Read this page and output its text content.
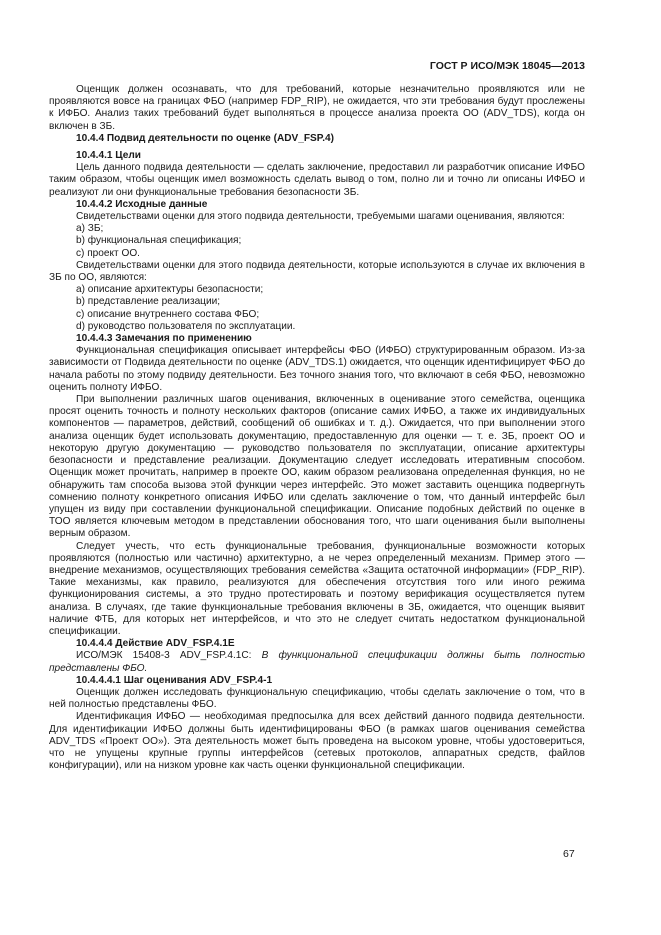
ГОСТ Р ИСО/МЭК 18045—2013

Оценщик должен осознавать, что для требований, которые незначительно проявляются или не проявляются вовсе на границах ФБО (например FDP_RIP), не ожидается, что эти требования будут прослежены к ИФБО. Анализ таких требований будет выполняться в процессе анализа проекта ОО (ADV_TDS), когда он включен в ЗБ.

10.4.4 Подвид деятельности по оценке (ADV_FSP.4)

10.4.4.1 Цели

Цель данного подвида деятельности — сделать заключение, предоставил ли разработчик описание ИФБО таким образом, чтобы оценщик имел возможность сделать вывод о том, полно ли и точно ли описаны ИФБО и реализуют ли они функциональные требования безопасности ЗБ.

10.4.4.2 Исходные данные

Свидетельствами оценки для этого подвида деятельности, требуемыми шагами оценивания, являются:

a) ЗБ;

b) функциональная спецификация;

c) проект ОО.

Свидетельствами оценки для этого подвида деятельности, которые используются в случае их включения в ЗБ по ОО, являются:

a) описание архитектуры безопасности;

b) представление реализации;

c) описание внутреннего состава ФБО;

d) руководство пользователя по эксплуатации.

10.4.4.3 Замечания по применению

Функциональная спецификация описывает интерфейсы ФБО (ИФБО) структурированным образом. Из-за зависимости от Подвида деятельности по оценке (ADV_TDS.1) ожидается, что оценщик идентифицирует ФБО до начала работы по этому подвиду деятельности. Без точного знания того, что включают в себя ФБО, невозможно оценить полноту ИФБО.

При выполнении различных шагов оценивания, включенных в оценивание этого семейства, оценщика просят оценить точность и полноту нескольких факторов (описание самих ИФБО, а также их индивидуальных компонентов — параметров, действий, сообщений об ошибках и т. д.). Ожидается, что при выполнении этого анализа оценщик будет использовать документацию, предоставленную для оценки — т. е. ЗБ, проект ОО и некоторую другую документацию — руководство пользователя по эксплуатации, описание архитектуры безопасности и представление реализации. Документацию следует исследовать итеративным способом. Оценщик может прочитать, например в проекте ОО, каким образом реализована определенная функция, но не обнаружить там способа вызова этой функции через интерфейс. Это может заставить оценщика подвергнуть сомнению полноту конкретного описания ИФБО или сделать заключение о том, что данный интерфейс был упущен из виду при составлении функциональной спецификации. Описание подобных действий по оценке в ТОО является ключевым методом в представлении обоснования того, что шаги оценивания были выполнены верным образом.

Следует учесть, что есть функциональные требования, функциональные возможности которых проявляются (полностью или частично) архитектурно, а не через определенный механизм. Пример этого — внедрение механизмов, осуществляющих требования семейства «Защита остаточной информации» (FDP_RIP). Такие механизмы, как правило, реализуются для обеспечения отсутствия того или иного режима функционирования системы, а это трудно протестировать и поэтому верификация осуществляется путем анализа. В случаях, где такие функциональные требования включены в ЗБ, ожидается, что оценщик выявит наличие ФТБ, для которых нет интерфейсов, и что это не следует считать недостатком функциональной спецификации.

10.4.4.4 Действие ADV_FSP.4.1E

ИСО/МЭК 15408-3 ADV_FSP.4.1C: В функциональной спецификации должны быть полностью представлены ФБО.

10.4.4.4.1 Шаг оценивания ADV_FSP.4-1

Оценщик должен исследовать функциональную спецификацию, чтобы сделать заключение о том, что в ней полностью представлены ФБО.

Идентификация ИФБО — необходимая предпосылка для всех действий данного подвида деятельности. Для идентификации ИФБО должны быть идентифицированы ФБО (в рамках шагов оценивания семейства ADV_TDS «Проект ОО»). Эта деятельность может быть проведена на высоком уровне, чтобы удостовериться, что не упущены крупные группы интерфейсов (сетевых протоколов, аппаратных средств, файлов конфигурации), или на низком уровне как часть оценки функциональной спецификации.

67
